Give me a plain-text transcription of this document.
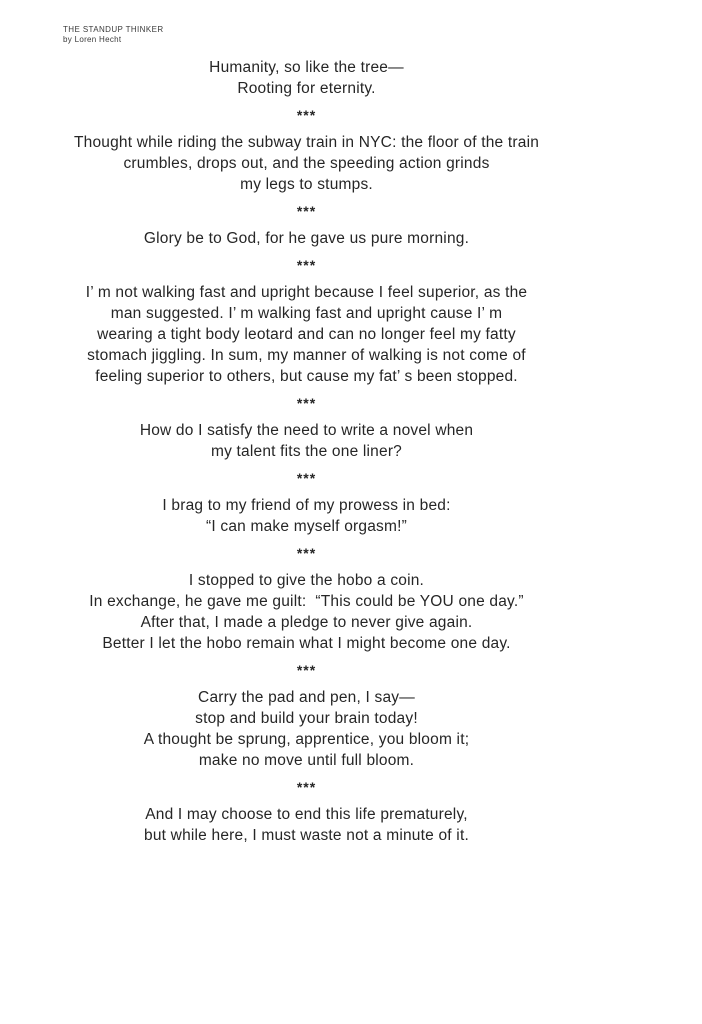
THE STANDUP THINKER
by Loren Hecht
Humanity, so like the tree—
Rooting for eternity.
***
Thought while riding the subway train in NYC: the floor of the train
crumbles, drops out, and the speeding action grinds
my legs to stumps.
***
Glory be to God, for he gave us pure morning.
***
I’ m not walking fast and upright because I feel superior, as the
man suggested. I’ m walking fast and upright cause I’ m
wearing a tight body leotard and can no longer feel my fatty
stomach jiggling. In sum, my manner of walking is not come of
feeling superior to others, but cause my fat’ s been stopped.
***
How do I satisfy the need to write a novel when
my talent fits the one liner?
***
I brag to my friend of my prowess in bed:
“I can make myself orgasm!”
***
I stopped to give the hobo a coin.
In exchange, he gave me guilt:  “This could be YOU one day.”
After that, I made a pledge to never give again.
Better I let the hobo remain what I might become one day.
***
Carry the pad and pen, I say—
stop and build your brain today!
A thought be sprung, apprentice, you bloom it;
make no move until full bloom.
***
And I may choose to end this life prematurely,
but while here, I must waste not a minute of it.
